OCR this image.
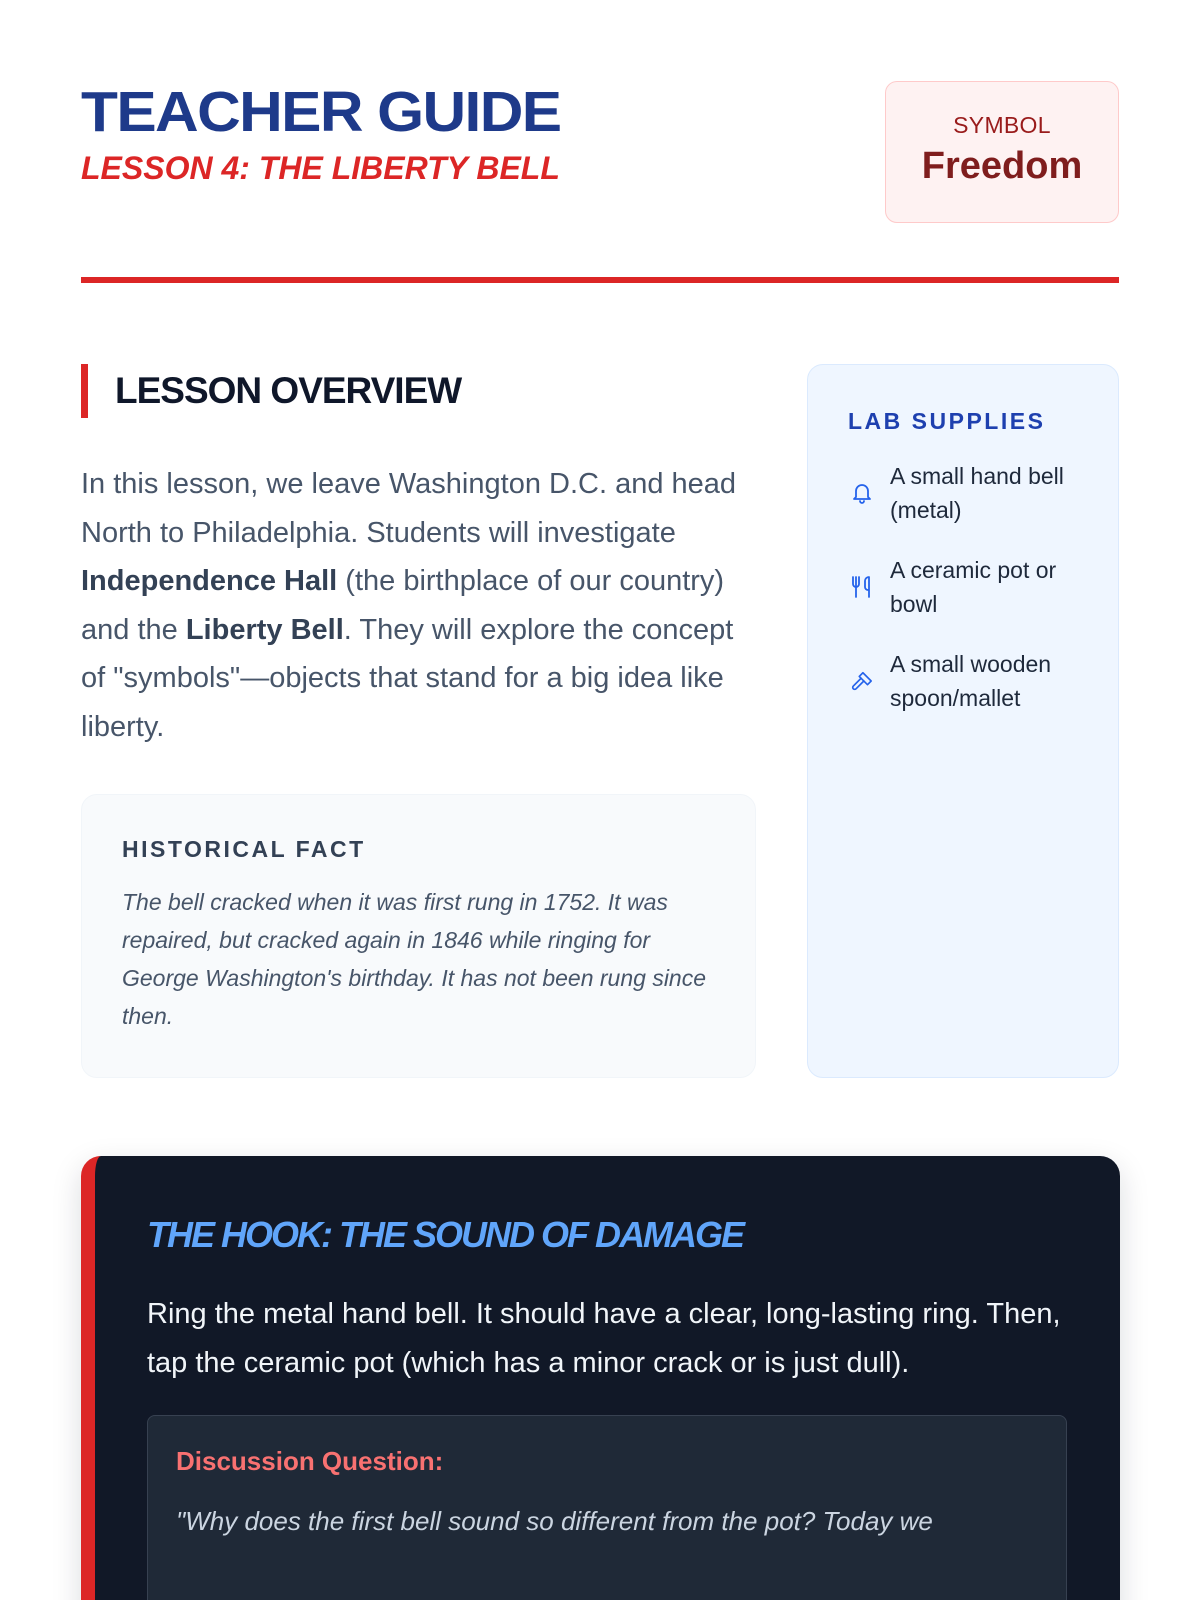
TEACHER GUIDE
LESSON 4: THE LIBERTY BELL
SYMBOL
Freedom
LESSON OVERVIEW

In this lesson, we leave Washington D.C. and head North to Philadelphia. Students will investigate Independence Hall (the birthplace of our country) and the Liberty Bell. They will explore the concept of "symbols"—objects that stand for a big idea like liberty.

HISTORICAL FACT

The bell cracked when it was first rung in 1752. It was repaired, but cracked again in 1846 while ringing for George Washington's birthday. It has not been rung since then.

LAB SUPPLIES
A small hand bell (metal)
A ceramic pot or bowl
A small wooden spoon/mallet
THE HOOK: THE SOUND OF DAMAGE

Ring the metal hand bell. It should have a clear, long-lasting ring. Then, tap the ceramic pot (which has a minor crack or is just dull).

Discussion Question:

"Why does the first bell sound so different from the pot? Today we
